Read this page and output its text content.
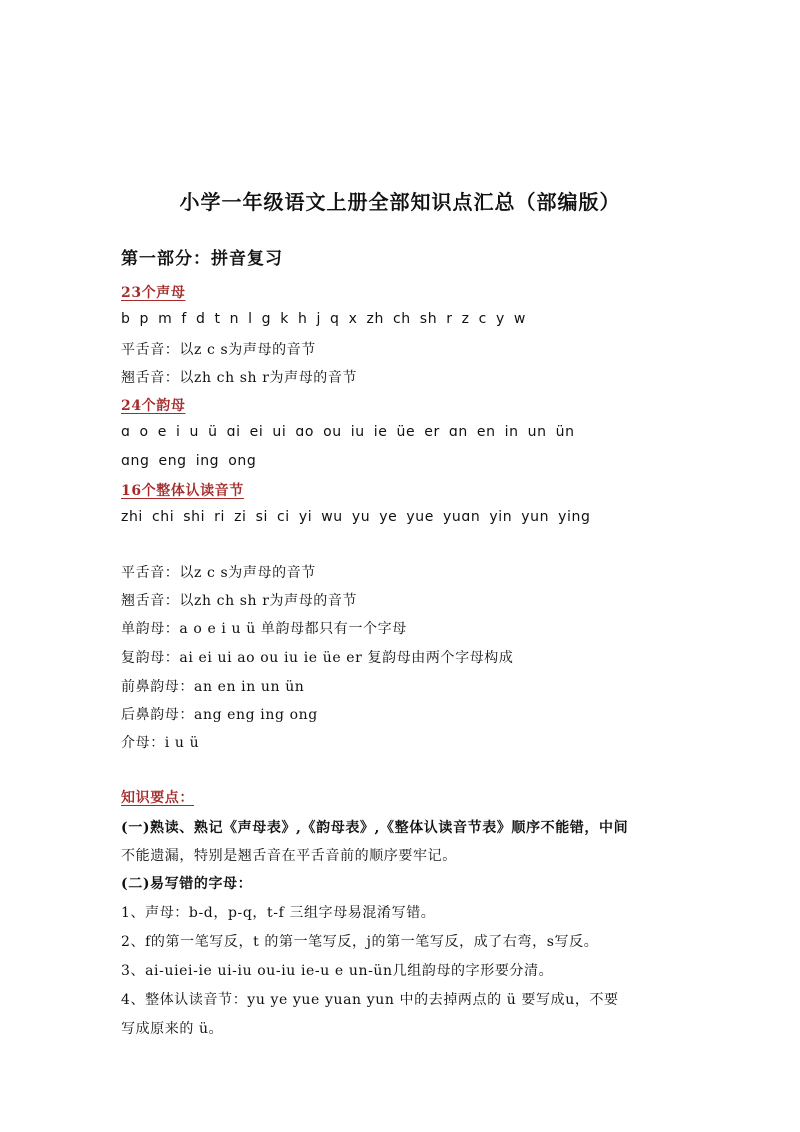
小学一年级语文上册全部知识点汇总（部编版）
第一部分：拼音复习
23个声母
b p m f d t n l g k h j q x zh ch sh r z c y w
平舌音：以z c s为声母的音节
翘舌音：以zh ch sh r为声母的音节
24个韵母
ɑ o e i u ü ɑi ei ui ɑo ou iu ie üe er ɑn en in un ün
ɑng eng ing ong
16个整体认读音节
zhi chi shi ri zi si ci yi wu yu ye yue yuɑn yin yun ying
平舌音：以z c s为声母的音节
翘舌音：以zh ch sh r为声母的音节
单韵母：a o e i u ü 单韵母都只有一个字母
复韵母：ai ei ui ao ou iu ie üe er 复韵母由两个字母构成
前鼻韵母：an en in un ün
后鼻韵母：ang eng ing ong
介母：i u ü
知识要点：
(一)熟读、熟记《声母表》,《韵母表》,《整体认读音节表》顺序不能错，中间
不能遗漏，特别是翘舌音在平舌音前的顺序要牢记。
(二)易写错的字母：
1、声母：b-d，p-q，t-f 三组字母易混淆写错。
2、f的第一笔写反，t 的第一笔写反，j的第一笔写反，成了右弯，s写反。
3、ai-uiei-ie ui-iu ou-iu ie-u e un-ün几组韵母的字形要分清。
4、整体认读音节：yu ye yue yuan yun 中的去掉两点的 ü 要写成u，不要
写成原来的 ü。
